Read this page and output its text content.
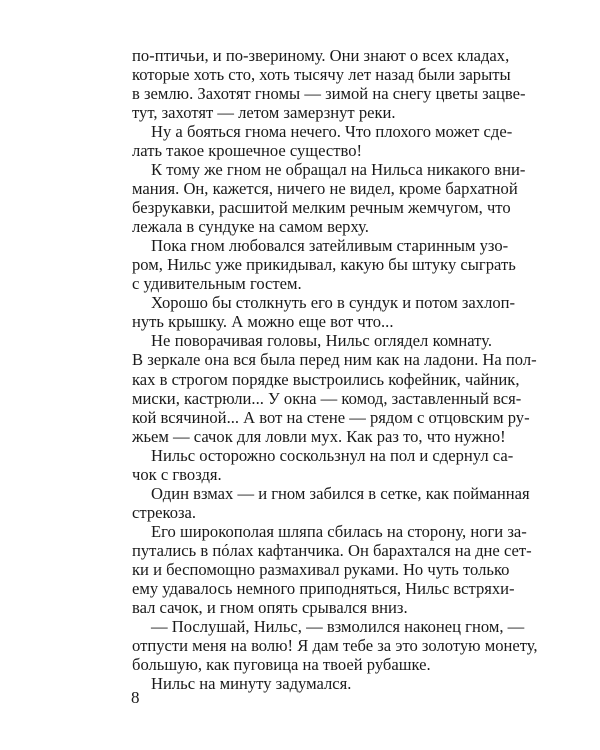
по-птичьи, и по-звериному. Они знают о всех кладах,
которые хоть сто, хоть тысячу лет назад были зарыты
в землю. Захотят гномы — зимой на снегу цветы зацве-
тут, захотят — летом замерзнут реки.
Ну а бояться гнома нечего. Что плохого может сде-
лать такое крошечное существо!
К тому же гном не обращал на Нильса никакого вни-
мания. Он, кажется, ничего не видел, кроме бархатной
безрукавки, расшитой мелким речным жемчугом, что
лежала в сундуке на самом верху.
Пока гном любовался затейливым старинным узо-
ром, Нильс уже прикидывал, какую бы штуку сыграть
с удивительным гостем.
Хорошо бы столкнуть его в сундук и потом захлоп-
нуть крышку. А можно еще вот что...
Не поворачивая головы, Нильс оглядел комнату.
В зеркале она вся была перед ним как на ладони. На пол-
ках в строгом порядке выстроились кофейник, чайник,
миски, кастрюли... У окна — комод, заставленный вся-
кой всячиной... А вот на стене — рядом с отцовским ру-
жьем — сачок для ловли мух. Как раз то, что нужно!
Нильс осторожно соскользнул на пол и сдернул са-
чок с гвоздя.
Один взмах — и гном забился в сетке, как пойманная
стрекоза.
Его широкополая шляпа сбилась на сторону, ноги за-
путались в пóлах кафтанчика. Он барахтался на дне сет-
ки и беспомощно размахивал руками. Но чуть только
ему удавалось немного приподняться, Нильс встряхи-
вал сачок, и гном опять срывался вниз.
— Послушай, Нильс, — взмолился наконец гном, —
отпусти меня на волю! Я дам тебе за это золотую монету,
большую, как пуговица на твоей рубашке.
Нильс на минуту задумался.
8
